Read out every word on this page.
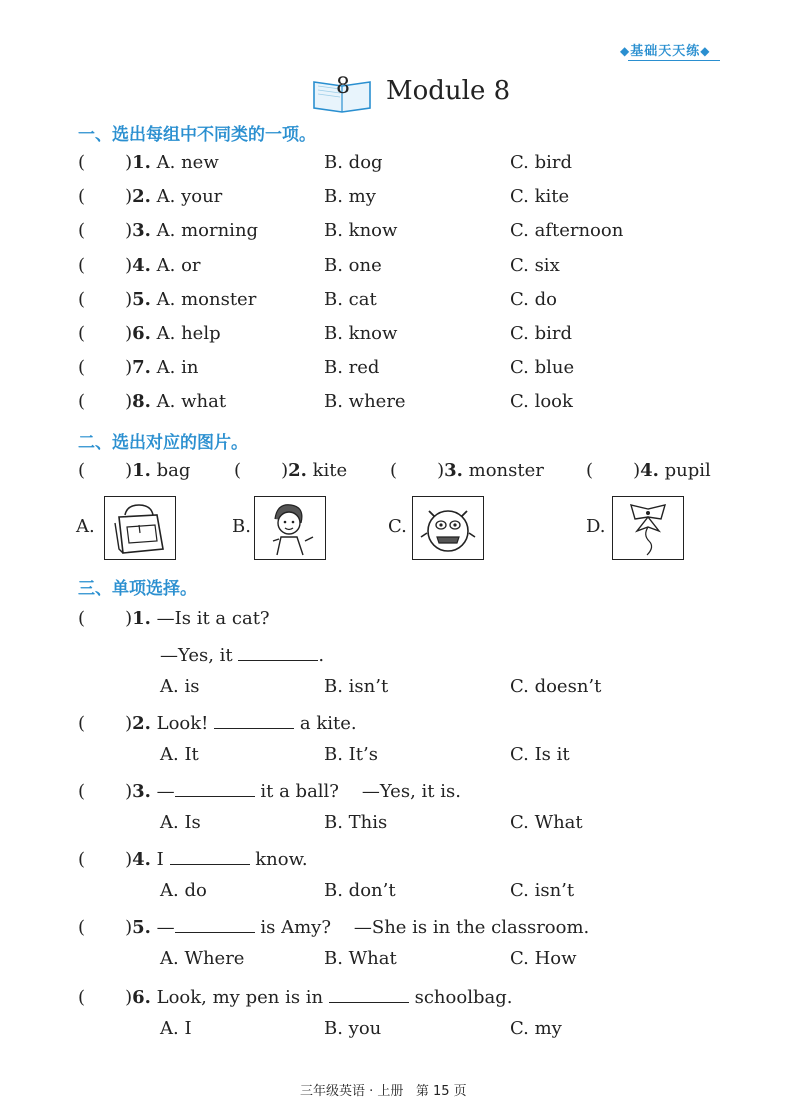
◆基础天天练◆
8 Module 8
一、选出每组中不同类的一项。
(       )1. A. new	B. dog	C. bird
(       )2. A. your	B. my	C. kite
(       )3. A. morning	B. know	C. afternoon
(       )4. A. or	B. one	C. six
(       )5. A. monster	B. cat	C. do
(       )6. A. help	B. know	C. bird
(       )7. A. in	B. red	C. blue
(       )8. A. what	B. where	C. look
二、选出对应的图片。
(       )1. bag (       )2. kite (       )3. monster (       )4. pupil
A.	B.	C.	D.
三、单项选择。
(       )1. —Is it a cat?
—Yes, it	.
A. is	B. isn’t	C. doesn’t
(       )2. Look!	a kite.
A. It	B. It’s	C. Is it
(       )3. —	it a ball? —Yes, it is.
A. Is	B. This	C. What
(       )4. I	know.
A. do	B. don’t	C. isn’t
(       )5. —	is Amy? —She is in the classroom.
A. Where	B. What	C. How
(       )6. Look, my pen is in	schoolbag.
A. I	B. you	C. my
三年级英语 · 上册 第 15 页
